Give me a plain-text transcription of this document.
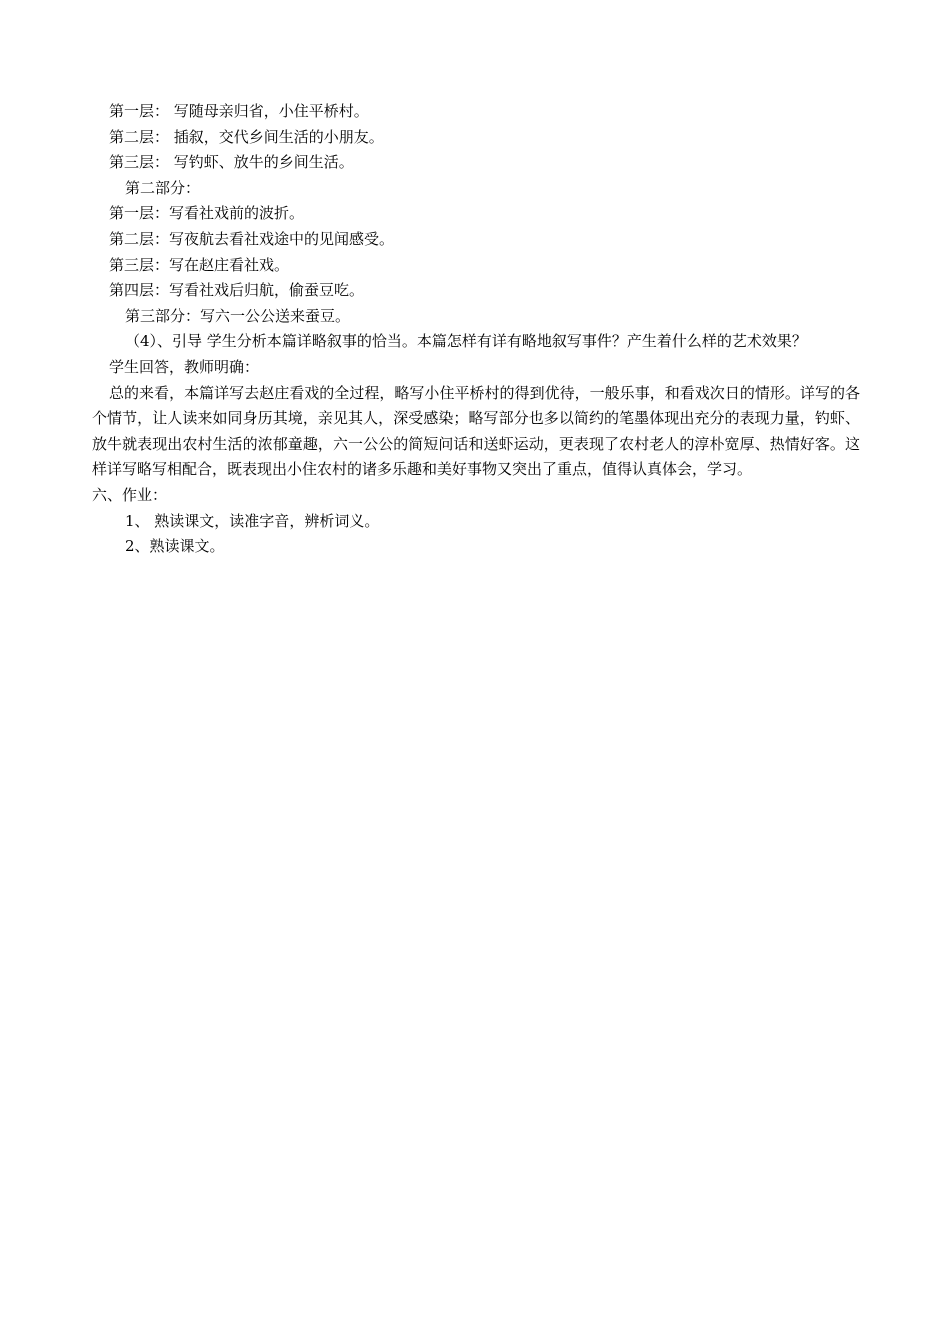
第一层： 写随母亲归省，小住平桥村。
第二层： 插叙，交代乡间生活的小朋友。
第三层： 写钓虾、放牛的乡间生活。
第二部分：
第一层：写看社戏前的波折。
第二层：写夜航去看社戏途中的见闻感受。
第三层：写在赵庄看社戏。
第四层：写看社戏后归航，偷蚕豆吃。
第三部分：写六一公公送来蚕豆。
（4）、引导 学生分析本篇详略叙事的恰当。本篇怎样有详有略地叙写事件？产生着什么样的艺术效果？
学生回答，教师明确：
总的来看，本篇详写去赵庄看戏的全过程，略写小住平桥村的得到优待，一般乐事，和看戏次日的情形。详写的各个情节，让人读来如同身历其境，亲见其人，深受感染；略写部分也多以简约的笔墨体现出充分的表现力量，钓虾、放牛就表现出农村生活的浓郁童趣，六一公公的简短问话和送虾运动，更表现了农村老人的淳朴宽厚、热情好客。这样详写略写相配合，既表现出小住农村的诸多乐趣和美好事物又突出了重点，值得认真体会，学习。
六、作业：
1、 熟读课文，读准字音，辨析词义。
2、熟读课文。
